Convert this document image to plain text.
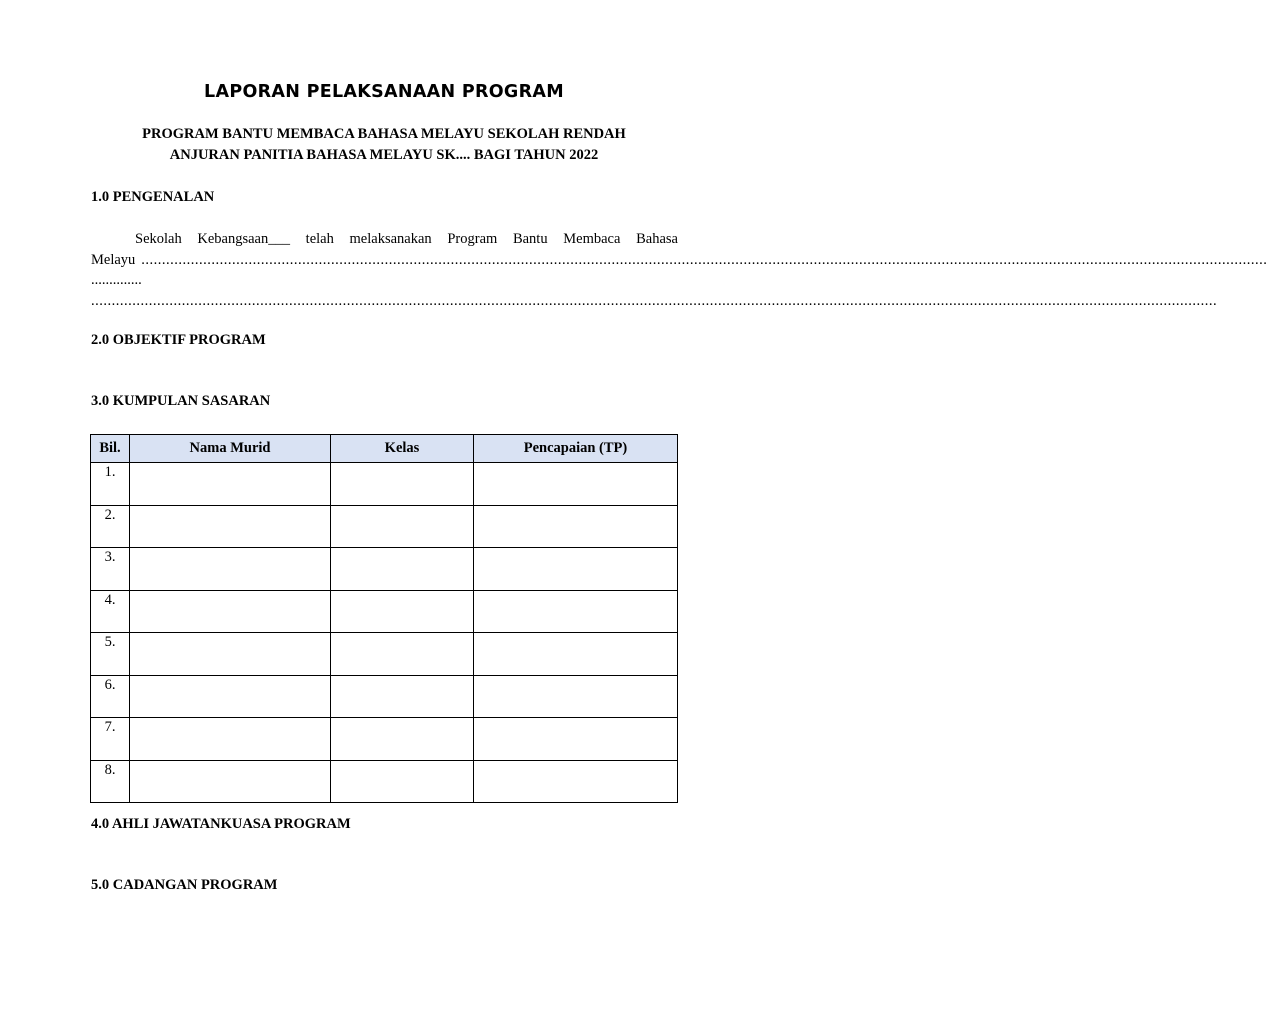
LAPORAN PELAKSANAAN PROGRAM
PROGRAM BANTU MEMBACA BAHASA MELAYU SEKOLAH RENDAH
ANJURAN PANITIA BAHASA MELAYU SK.... BAGI TAHUN 2022
1.0 PENGENALAN
Sekolah Kebangsaan___ telah melaksanakan Program Bantu Membaca Bahasa
Melayu .................................................................................................................................................................................................................................................................................
..............
.................................................................................................................................................................................................................................................................................
2.0 OBJEKTIF PROGRAM
3.0 KUMPULAN SASARAN
Bil.	Nama Murid	Kelas	Pencapaian (TP)
1.			
2.			
3.			
4.			
5.			
6.			
7.			
8.			
4.0 AHLI JAWATANKUASA PROGRAM
5.0 CADANGAN PROGRAM
